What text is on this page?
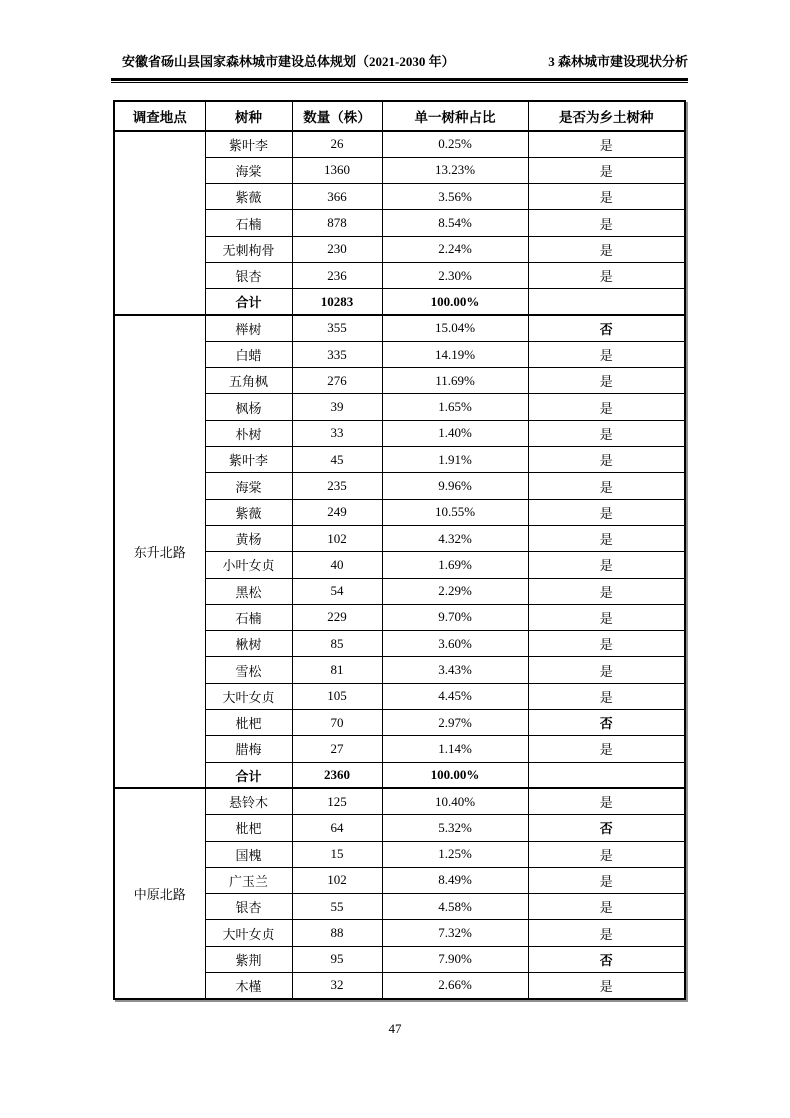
安徽省砀山县国家森林城市建设总体规划（2021-2030 年）	3 森林城市建设现状分析
调查地点	树种	数量（株）	单一树种占比	是否为乡土树种
	紫叶李	26	0.25%	是
	海棠	1360	13.23%	是
	紫薇	366	3.56%	是
	石楠	878	8.54%	是
	无刺枸骨	230	2.24%	是
	银杏	236	2.30%	是
	合计	10283	100.00%	
东升北路	榉树	355	15.04%	否
	白蜡	335	14.19%	是
	五角枫	276	11.69%	是
	枫杨	39	1.65%	是
	朴树	33	1.40%	是
	紫叶李	45	1.91%	是
	海棠	235	9.96%	是
	紫薇	249	10.55%	是
	黄杨	102	4.32%	是
	小叶女贞	40	1.69%	是
	黑松	54	2.29%	是
	石楠	229	9.70%	是
	楸树	85	3.60%	是
	雪松	81	3.43%	是
	大叶女贞	105	4.45%	是
	枇杷	70	2.97%	否
	腊梅	27	1.14%	是
	合计	2360	100.00%	
中原北路	悬铃木	125	10.40%	是
	枇杷	64	5.32%	否
	国槐	15	1.25%	是
	广玉兰	102	8.49%	是
	银杏	55	4.58%	是
	大叶女贞	88	7.32%	是
	紫荆	95	7.90%	否
	木槿	32	2.66%	是
47
